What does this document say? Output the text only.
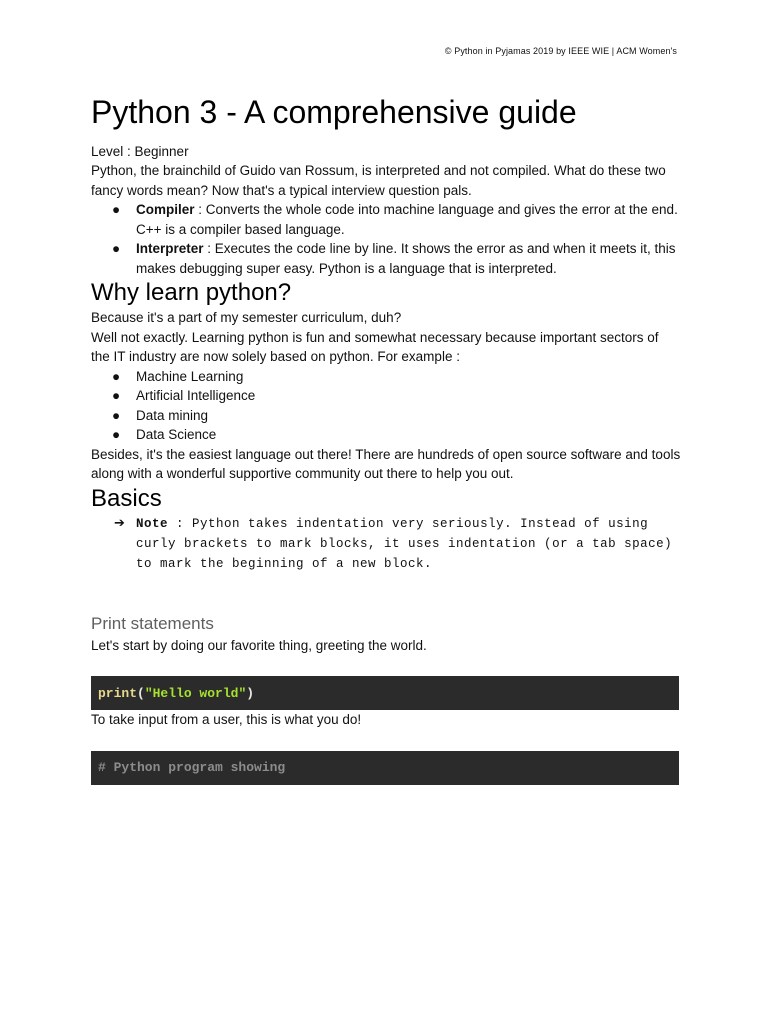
© Python in Pyjamas 2019 by IEEE WIE | ACM Women's
Python 3 - A comprehensive guide
Level : Beginner

Python, the brainchild of Guido van Rossum, is interpreted and not compiled. What do these two fancy words mean? Now that's a typical interview question pals.

● Compiler : Converts the whole code into machine language and gives the error at the end. C++ is a compiler based language.
● Interpreter : Executes the code line by line. It shows the error as and when it meets it, this makes debugging super easy. Python is a language that is interpreted.
Why learn python?

Because it's a part of my semester curriculum, duh?

Well not exactly. Learning python is fun and somewhat necessary because important sectors of the IT industry are now solely based on python. For example :

● Machine Learning
● Artificial Intelligence
● Data mining
● Data Science

Besides, it's the easiest language out there! There are hundreds of open source software and tools along with a wonderful supportive community out there to help you out.

Basics
➔ Note : Python takes indentation very seriously. Instead of using curly brackets to mark blocks, it uses indentation (or a tab space) to mark the beginning of a new block.
Print statements

Let's start by doing our favorite thing, greeting the world.

print ( "Hello world" )

To take input from a user, this is what you do!

# Python program showing
